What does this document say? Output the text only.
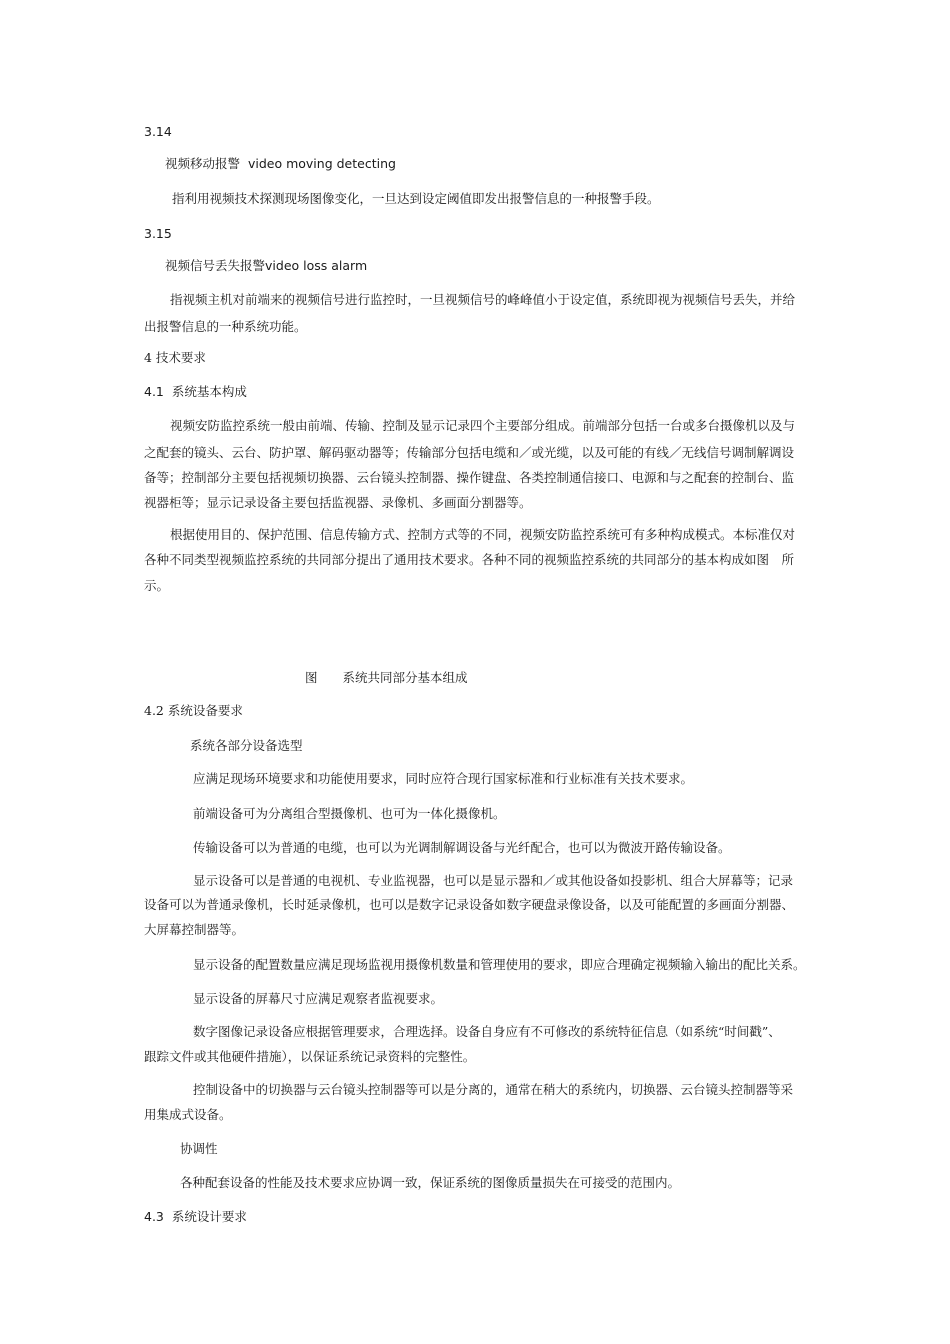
3.14
视频移动报警 video moving detecting
指利用视频技术探测现场图像变化，一旦达到设定阈值即发出报警信息的一种报警手段。
3.15
视频信号丢失报警video loss alarm
指视频主机对前端来的视频信号进行监控时，一旦视频信号的峰峰值小于设定值，系统即视为视频信号丢失，并给
出报警信息的一种系统功能。
4 技术要求
4.1 系统基本构成
视频安防监控系统一般由前端、传输、控制及显示记录四个主要部分组成。前端部分包括一台或多台摄像机以及与
之配套的镜头、云台、防护罩、解码驱动器等；传输部分包括电缆和／或光缆，以及可能的有线／无线信号调制解调设
备等；控制部分主要包括视频切换器、云台镜头控制器、操作键盘、各类控制通信接口、电源和与之配套的控制台、监
视器柜等；显示记录设备主要包括监视器、录像机、多画面分割器等。
根据使用目的、保护范围、信息传输方式、控制方式等的不同，视频安防监控系统可有多种构成模式。本标准仅对
各种不同类型视频监控系统的共同部分提出了通用技术要求。各种不同的视频监控系统的共同部分的基本构成如图　所
示。
图　　系统共同部分基本组成
4.2 系统设备要求
系统各部分设备选型
应满足现场环境要求和功能使用要求，同时应符合现行国家标准和行业标准有关技术要求。
前端设备可为分离组合型摄像机、也可为一体化摄像机。
传输设备可以为普通的电缆，也可以为光调制解调设备与光纤配合，也可以为微波开路传输设备。
显示设备可以是普通的电视机、专业监视器，也可以是显示器和／或其他设备如投影机、组合大屏幕等；记录
设备可以为普通录像机，长时延录像机，也可以是数字记录设备如数字硬盘录像设备，以及可能配置的多画面分割器、
大屏幕控制器等。
显示设备的配置数量应满足现场监视用摄像机数量和管理使用的要求，即应合理确定视频输入输出的配比关系。
显示设备的屏幕尺寸应满足观察者监视要求。
数字图像记录设备应根据管理要求，合理选择。设备自身应有不可修改的系统特征信息（如系统“时间戳”、
跟踪文件或其他硬件措施），以保证系统记录资料的完整性。
控制设备中的切换器与云台镜头控制器等可以是分离的，通常在稍大的系统内，切换器、云台镜头控制器等采
用集成式设备。
协调性
各种配套设备的性能及技术要求应协调一致，保证系统的图像质量损失在可接受的范围内。
4.3 系统设计要求
